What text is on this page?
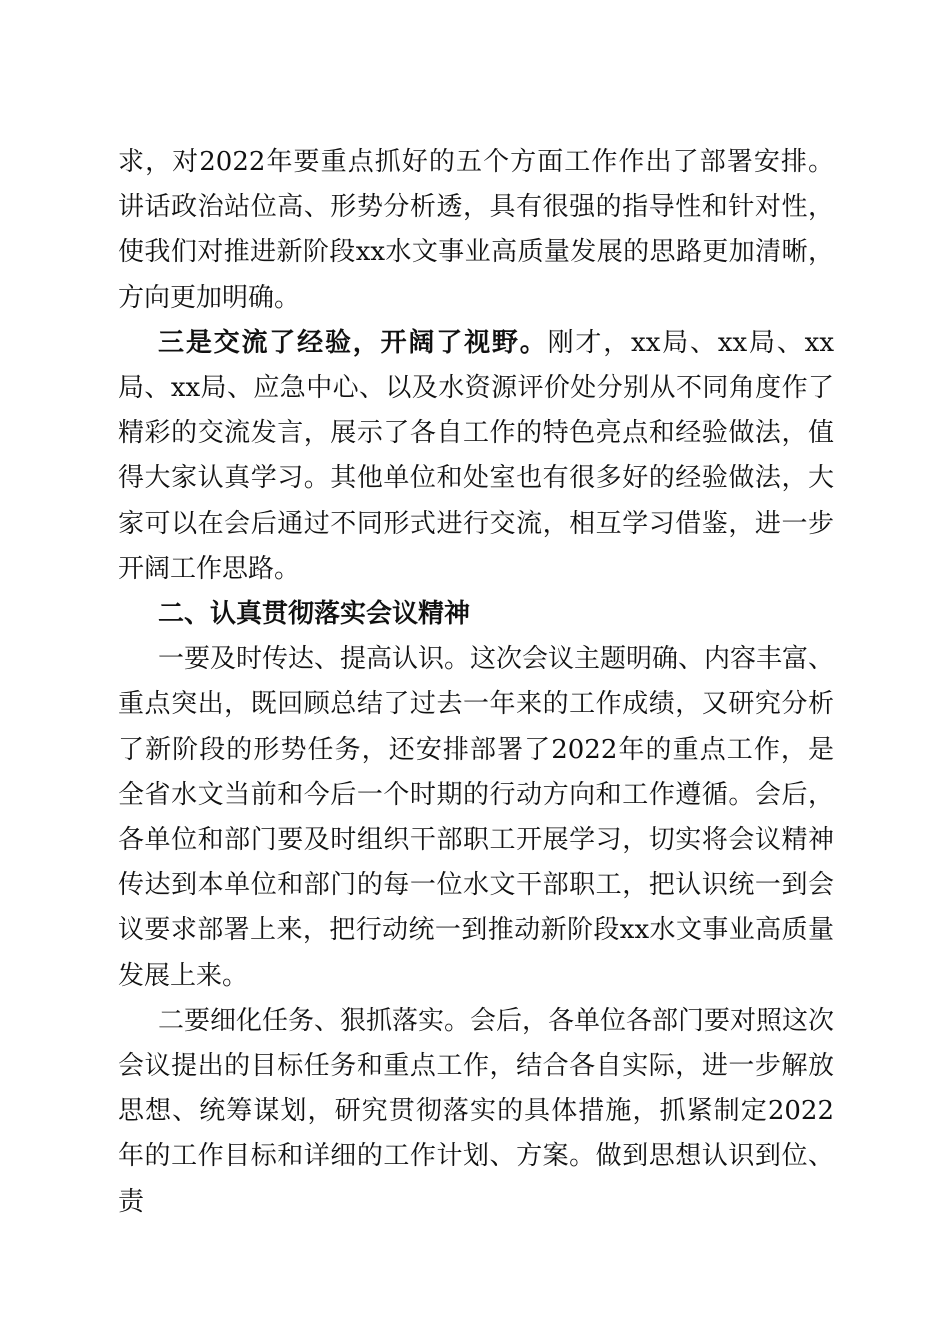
求，对2022年要重点抓好的五个方面工作作出了部署安排。讲话政治站位高、形势分析透，具有很强的指导性和针对性，使我们对推进新阶段xx水文事业高质量发展的思路更加清晰，方向更加明确。

三是交流了经验，开阔了视野。刚才，xx局、xx局、xx局、xx局、应急中心、以及水资源评价处分别从不同角度作了精彩的交流发言，展示了各自工作的特色亮点和经验做法，值得大家认真学习。其他单位和处室也有很多好的经验做法，大家可以在会后通过不同形式进行交流，相互学习借鉴，进一步开阔工作思路。

二、认真贯彻落实会议精神

一要及时传达、提高认识。这次会议主题明确、内容丰富、重点突出，既回顾总结了过去一年来的工作成绩，又研究分析了新阶段的形势任务，还安排部署了2022年的重点工作，是全省水文当前和今后一个时期的行动方向和工作遵循。会后，各单位和部门要及时组织干部职工开展学习，切实将会议精神传达到本单位和部门的每一位水文干部职工，把认识统一到会议要求部署上来，把行动统一到推动新阶段xx水文事业高质量发展上来。

二要细化任务、狠抓落实。会后，各单位各部门要对照这次会议提出的目标任务和重点工作，结合各自实际，进一步解放思想、统筹谋划，研究贯彻落实的具体措施，抓紧制定2022年的工作目标和详细的工作计划、方案。做到思想认识到位、责
